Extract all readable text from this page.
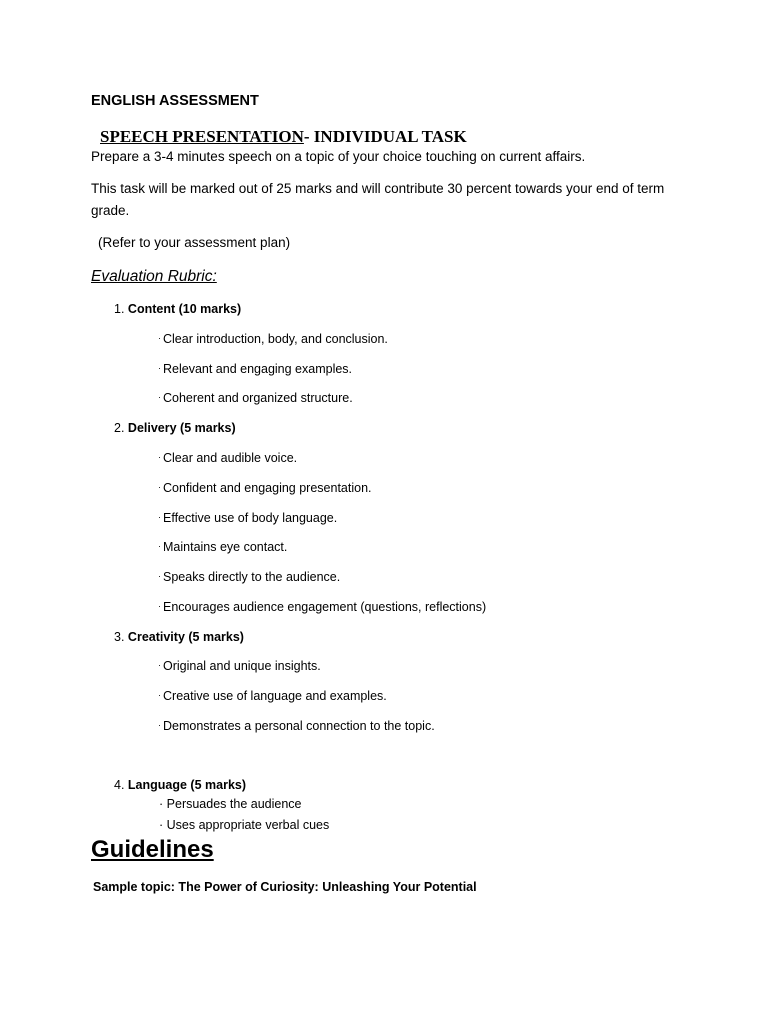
ENGLISH ASSESSMENT
SPEECH PRESENTATION- INDIVIDUAL TASK
Prepare a 3-4 minutes speech on a topic of your choice touching on current affairs.
This task will be marked out of 25 marks and will contribute 30 percent towards your end of term grade.
(Refer to your assessment plan)
Evaluation Rubric:
1. Content (10 marks)
· Clear introduction, body, and conclusion.
· Relevant and engaging examples.
· Coherent and organized structure.
2. Delivery (5 marks)
· Clear and audible voice.
· Confident and engaging presentation.
· Effective use of body language.
· Maintains eye contact.
· Speaks directly to the audience.
· Encourages audience engagement (questions, reflections)
3. Creativity (5 marks)
· Original and unique insights.
· Creative use of language and examples.
· Demonstrates a personal connection to the topic.
4. Language (5 marks)
· Persuades the audience
· Uses appropriate verbal cues
Guidelines
Sample topic: The Power of Curiosity: Unleashing Your Potential
